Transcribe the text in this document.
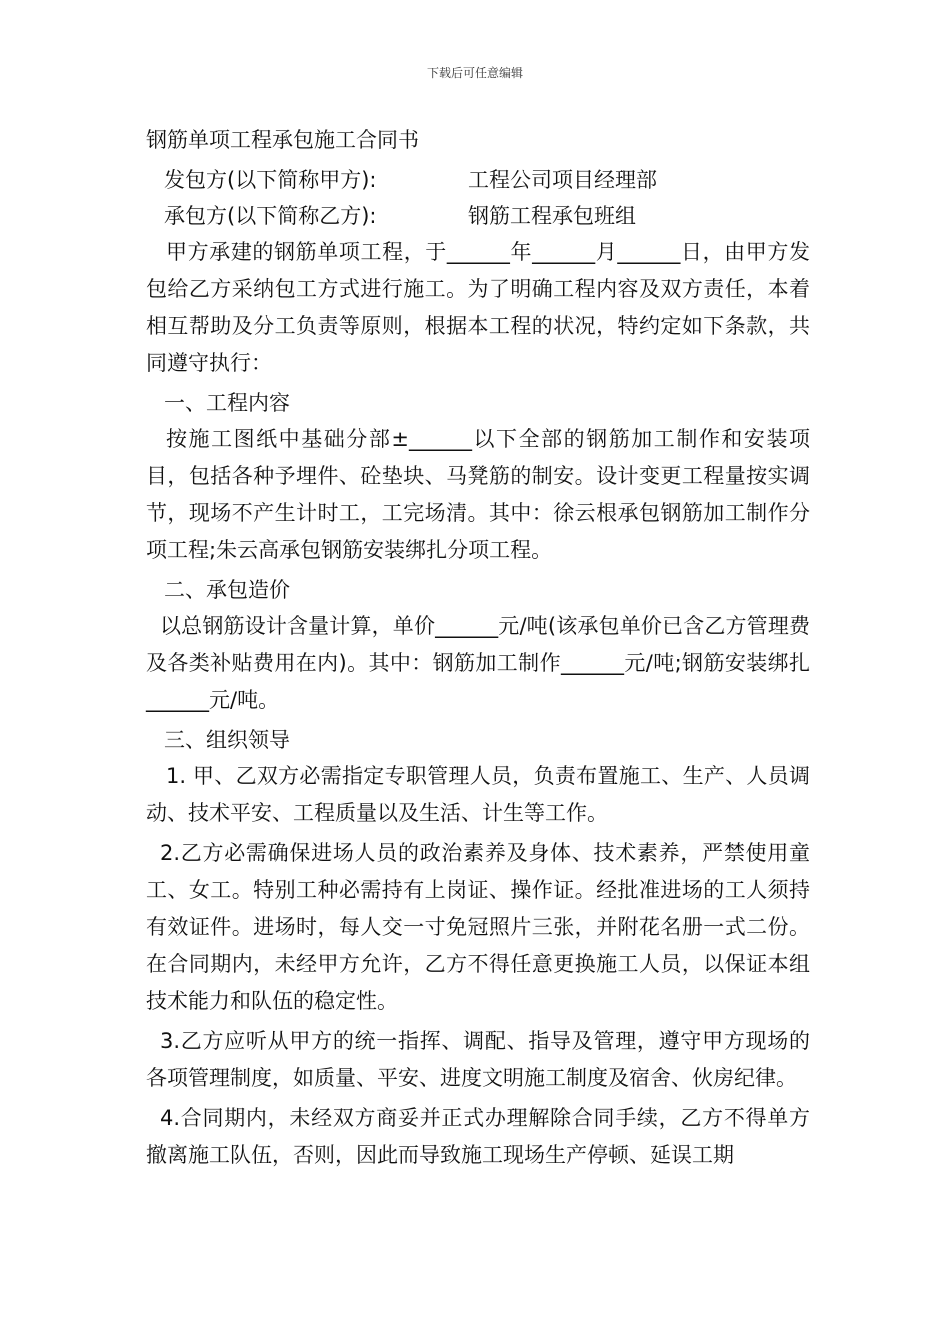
下载后可任意编辑
钢筋单项工程承包施工合同书
发包方(以下简称甲方):	工程公司项目经理部
承包方(以下简称乙方):	钢筋工程承包班组

甲方承建的钢筋单项工程，于______年______月______日，由甲方发包给乙方采纳包工方式进行施工。为了明确工程内容及双方责任，本着相互帮助及分工负责等原则，根据本工程的状况，特约定如下条款，共同遵守执行：

一、工程内容

按施工图纸中基础分部±______以下全部的钢筋加工制作和安装项目，包括各种予埋件、砼垫块、马凳筋的制安。设计变更工程量按实调节，现场不产生计时工，工完场清。其中：徐云根承包钢筋加工制作分项工程;朱云高承包钢筋安装绑扎分项工程。

二、承包造价

以总钢筋设计含量计算，单价______元/吨(该承包单价已含乙方管理费及各类补贴费用在内)。其中：钢筋加工制作______元/吨;钢筋安装绑扎______元/吨。

三、组织领导

1. 甲、乙双方必需指定专职管理人员，负责布置施工、生产、人员调动、技术平安、工程质量以及生活、计生等工作。

2.乙方必需确保进场人员的政治素养及身体、技术素养，严禁使用童工、女工。特别工种必需持有上岗证、操作证。经批准进场的工人须持有效证件。进场时，每人交一寸免冠照片三张，并附花名册一式二份。在合同期内，未经甲方允许，乙方不得任意更换施工人员，以保证本组技术能力和队伍的稳定性。

3.乙方应听从甲方的统一指挥、调配、指导及管理，遵守甲方现场的各项管理制度，如质量、平安、进度文明施工制度及宿舍、伙房纪律。

4.合同期内，未经双方商妥并正式办理解除合同手续，乙方不得单方撤离施工队伍，否则，因此而导致施工现场生产停顿、延误工期
